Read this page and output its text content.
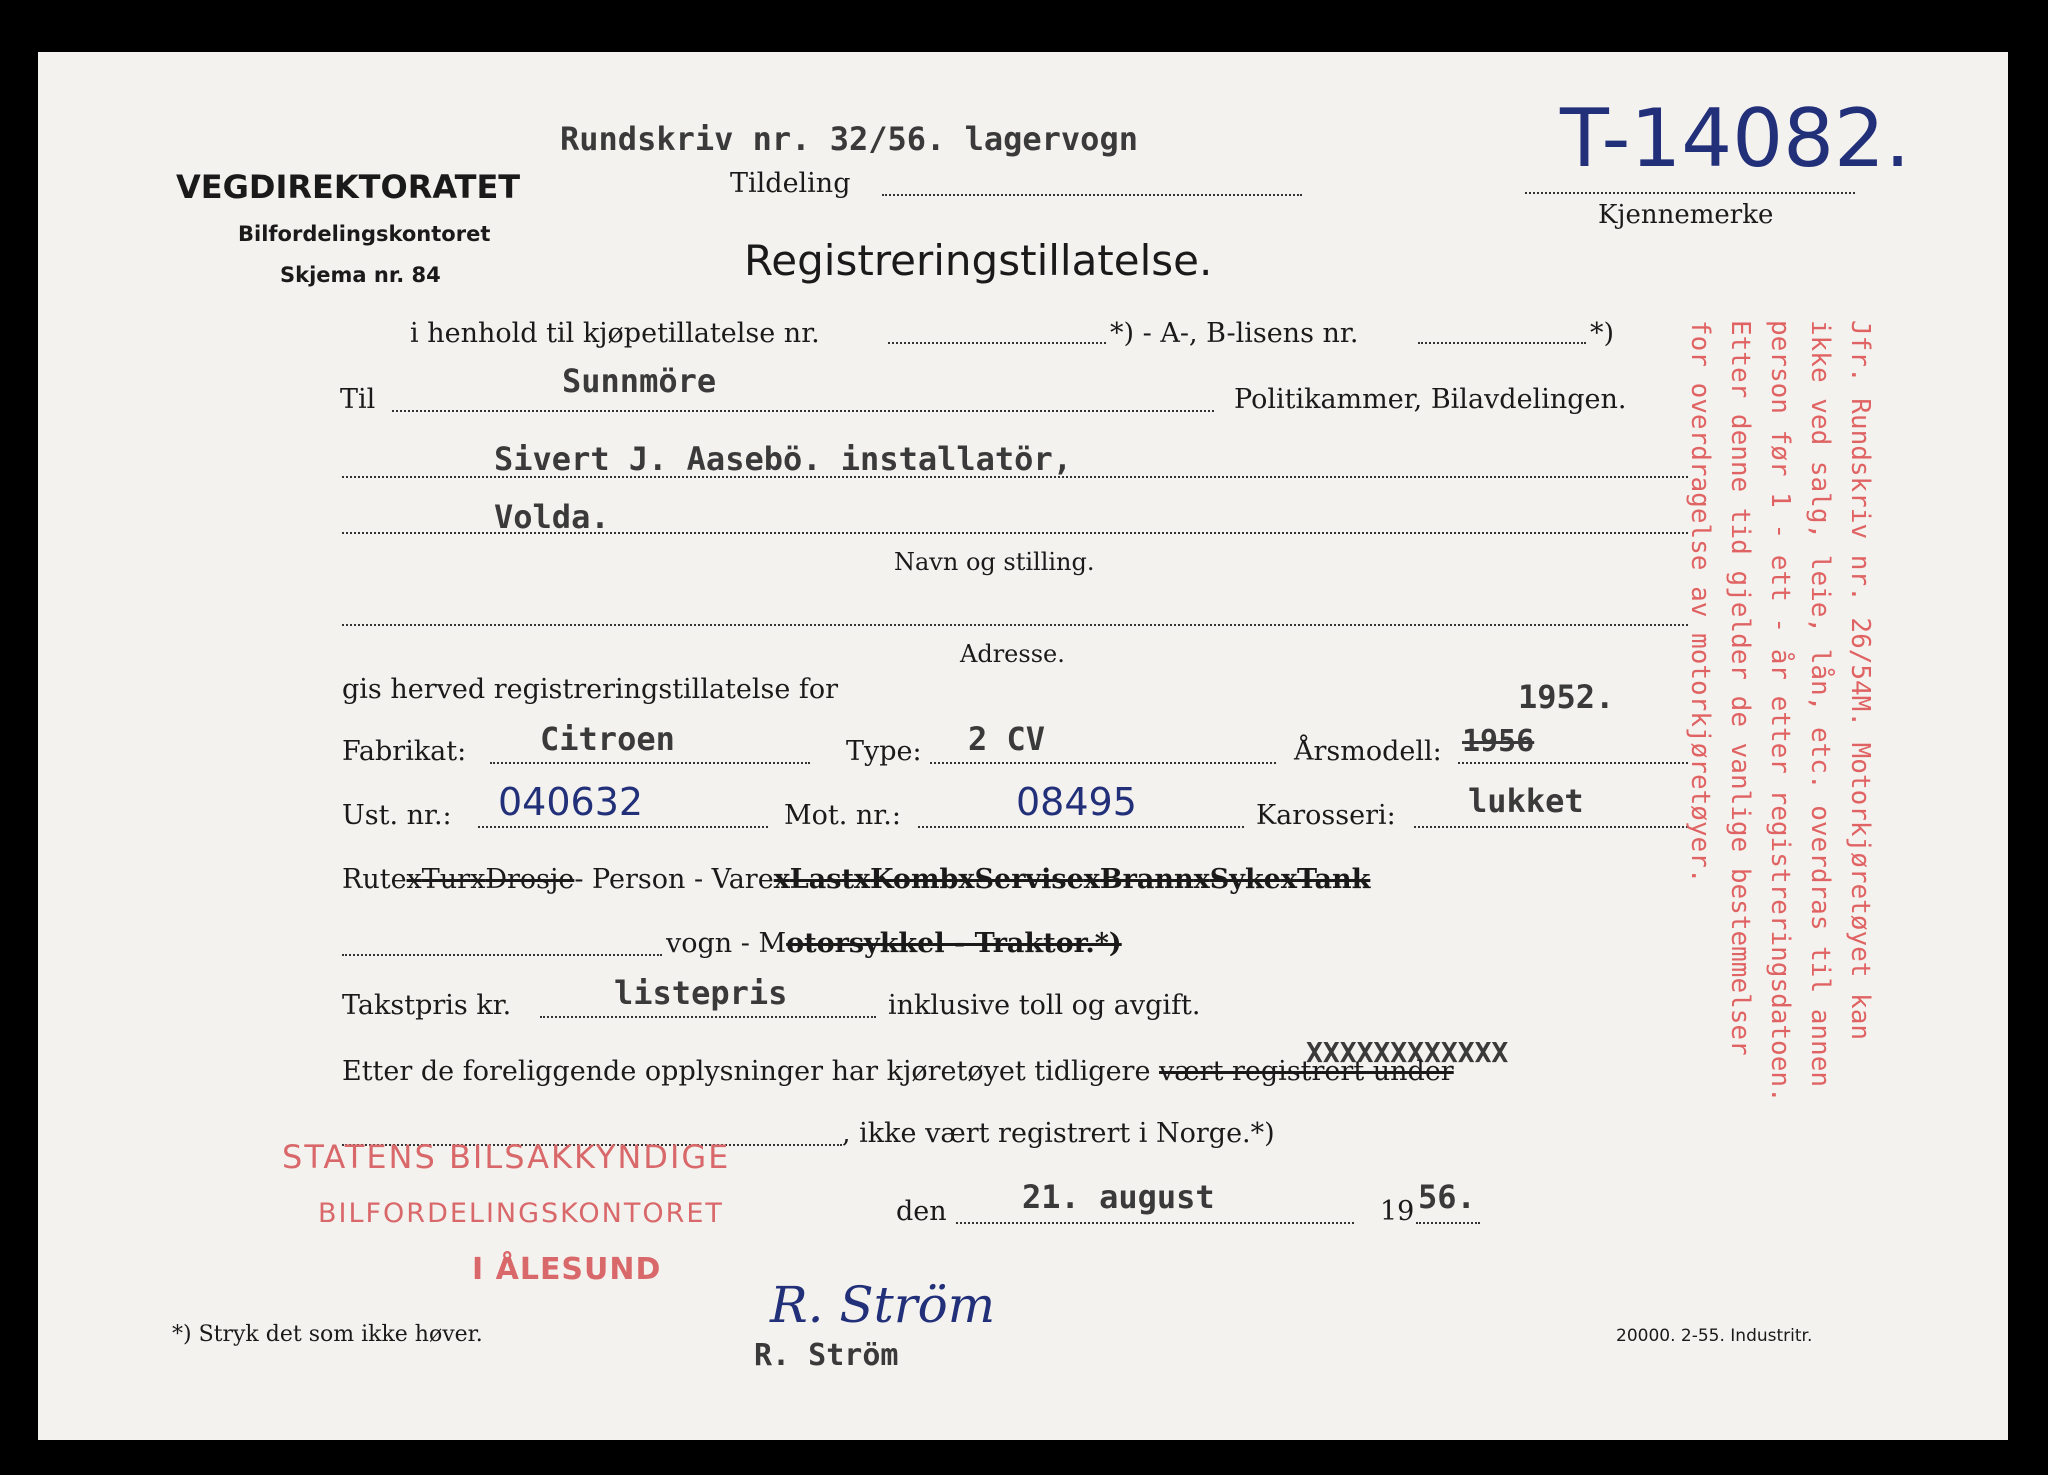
VEGDIREKTORATET
Bilfordelingskontoret
Skjema nr. 84
Rundskriv nr. 32/56. lagervogn
Tildeling	T-14082.
Kjennemerke
Registreringstillatelse.
i henhold til kjøpetillatelse nr.	*) - A-, B-lisens nr.	*)
Til	Sunnmöre	Politikammer, Bilavdelingen.
Sivert J. Aasebö. installatör,
Volda.
Navn og stilling.
Adresse.
gis herved registreringstillatelse for	1952.
Fabrikat: Citroen	Type: 2 CV	Årsmodell: 1956
Ust. nr.: 040632	Mot. nr.:	08495	Karosseri: lukket
RutexTurxDrosje- Person - VarexLastxKombxServisexBrannxSykexTank
vogn - Motorsykkel - Traktor.*)
Takstpris kr.	listepris	inklusive toll og avgift.
XXXXXXXXXXXX
Etter de foreliggende opplysninger har kjøretøyet tidligere vært registrert under
, ikke vært registrert i Norge.*)
STATENS BILSAKKYNDIGE
BILFORDELINGSKONTORET
I ÅLESUND
den 21. august	19 56.
R. Ström
R. Ström
*) Stryk det som ikke høver.	20000. 2-55. Industritr.
Jfr. Rundskriv nr. 26/54M. Motorkjøretøyet kan
ikke ved salg, leie, lån, etc. overdras til annen
person før 1 - ett - år etter registreringsdatoen.
Etter denne tid gjelder de vanlige bestemmelser
for overdragelse av motorkjøretøyer.
